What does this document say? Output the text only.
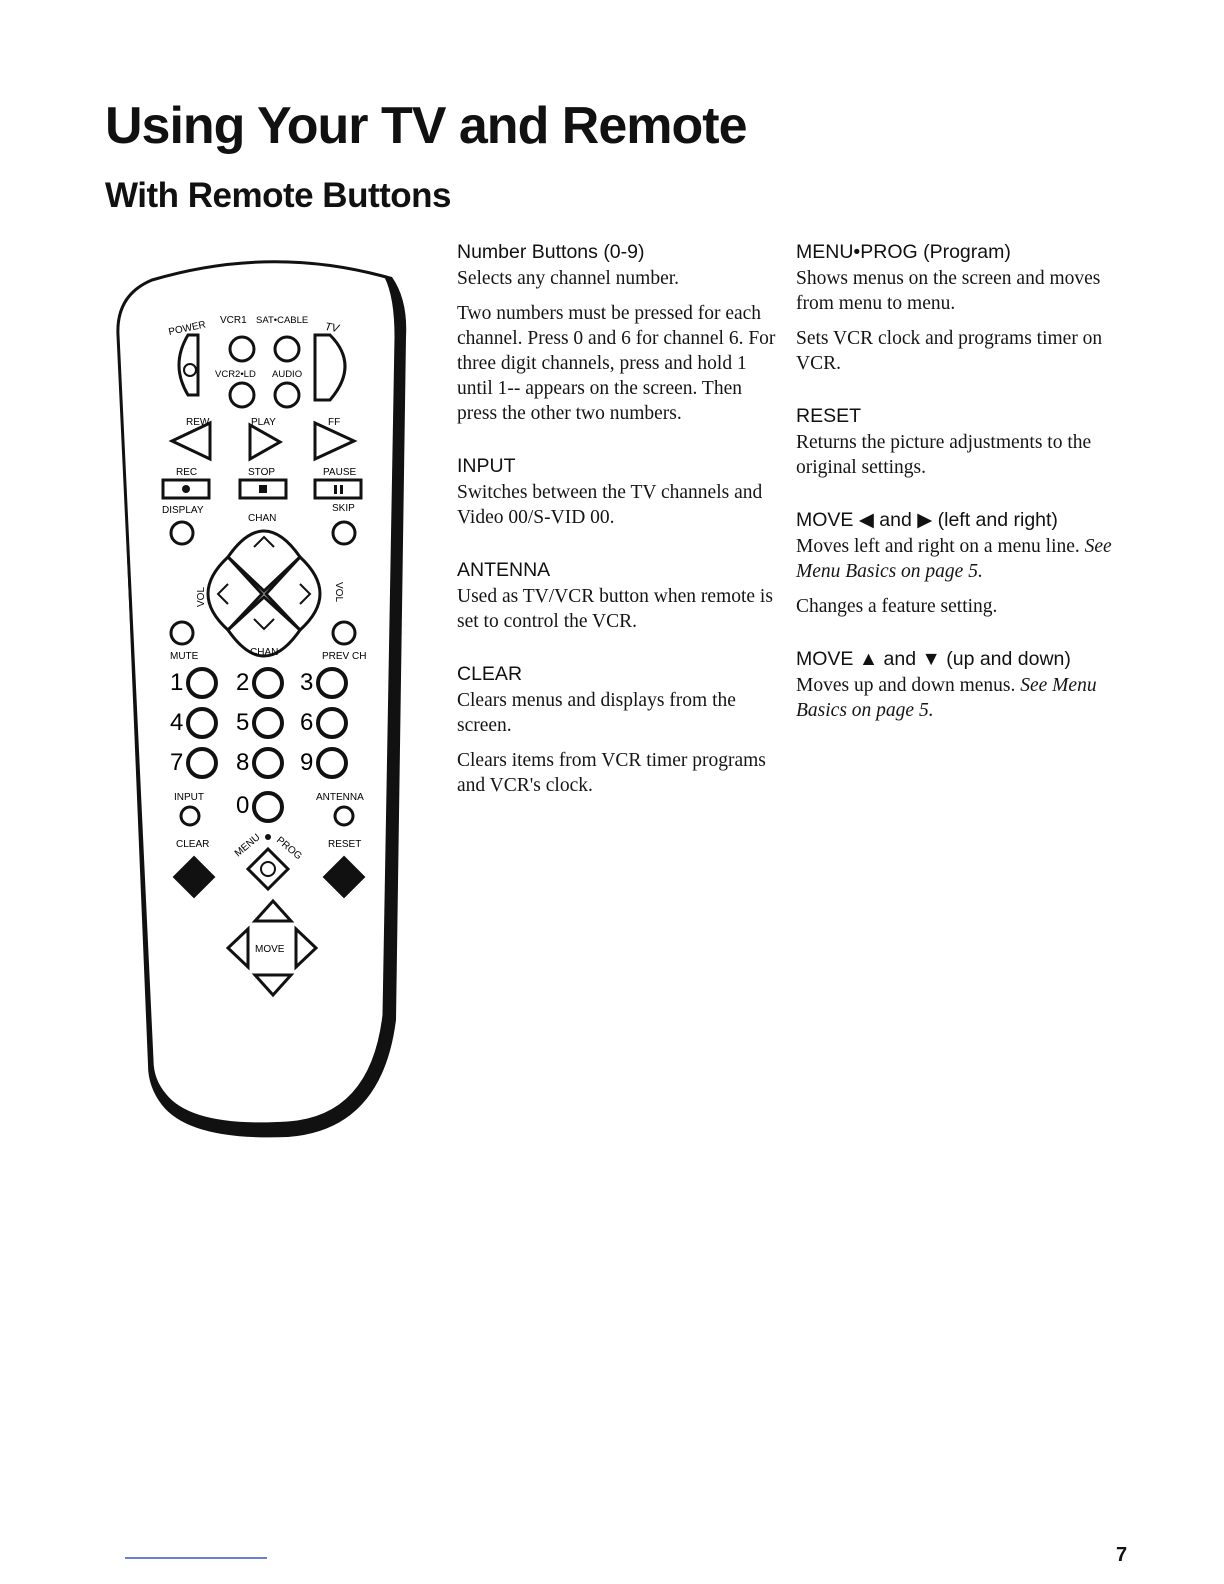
Using Your TV and Remote
With Remote Buttons
POWER VCR1 SAT•CABLE
TV
VCR2•LD AUDIO
REW	PLAY	FF
REC	STOP	PAUSE
DISPLAY
CHAN
SKIP
VOL	VOL
MUTE	CHAN	PREV CH
1 2 3
4 5 6
7 8 9
0
INPUT	ANTENNA
CLEAR MENU PROG RESET
MOVE
Number Buttons (0-9)

Selects any channel number.

Two numbers must be pressed for each channel. Press 0 and 6 for channel 6. For three digit channels, press and hold 1 until 1-- appears on the screen. Then press the other two numbers.

INPUT

Switches between the TV channels and Video 00/S-VID 00.

ANTENNA

Used as TV/VCR button when remote is set to control the VCR.

CLEAR

Clears menus and displays from the screen.

Clears items from VCR timer programs and VCR's clock.

MENU•PROG (Program)

Shows menus on the screen and moves from menu to menu.

Sets VCR clock and programs timer on VCR.

RESET

Returns the picture adjustments to the original settings.

MOVE ◀ and ▶ (left and right)

Moves left and right on a menu line. See Menu Basics on page 5.

Changes a feature setting.

MOVE ▲ and ▼ (up and down)

Moves up and down menus. See Menu Basics on page 5.

7
